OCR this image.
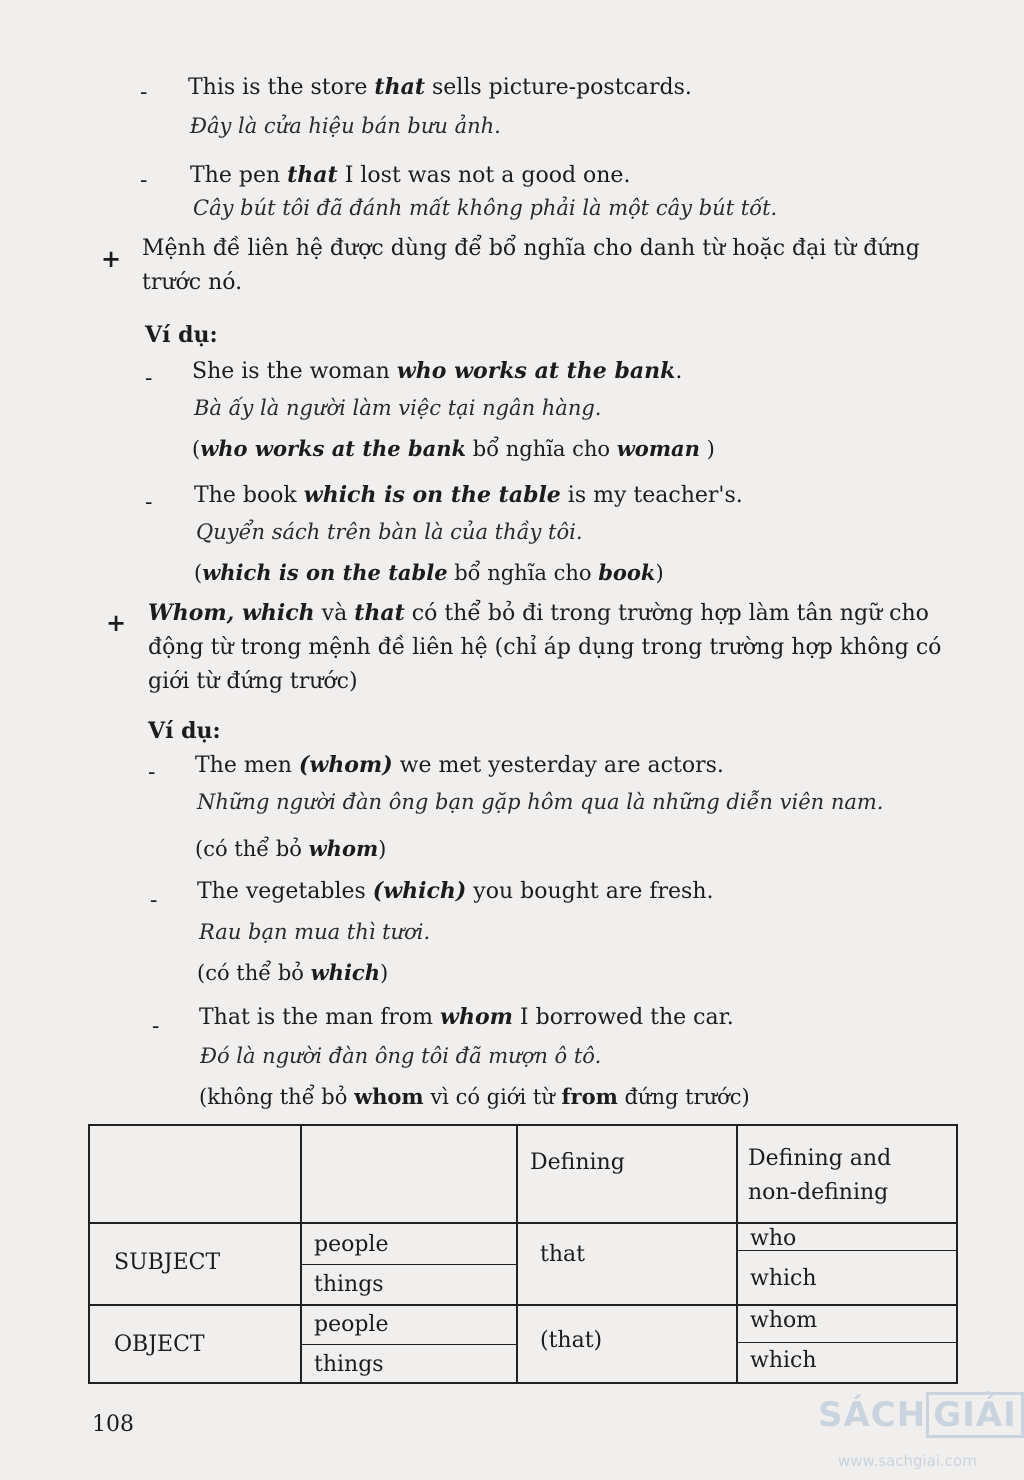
- This is the store that sells picture-postcards.
Đây là cửa hiệu bán bưu ảnh.
- The pen that I lost was not a good one.
Cây bút tôi đã đánh mất không phải là một cây bút tốt.
+ Mệnh đề liên hệ được dùng để bổ nghĩa cho danh từ hoặc đại từ đứng trước nó.
Ví dụ:
- She is the woman who works at the bank.
Bà ấy là người làm việc tại ngân hàng.
(who works at the bank bổ nghĩa cho woman )
- The book which is on the table is my teacher's.
Quyển sách trên bàn là của thầy tôi.
(which is on the table bổ nghĩa cho book)
+ Whom, which và that có thể bỏ đi trong trường hợp làm tân ngữ cho động từ trong mệnh đề liên hệ (chỉ áp dụng trong trường hợp không có giới từ đứng trước)
Ví dụ:
- The men (whom) we met yesterday are actors.
Những người đàn ông bạn gặp hôm qua là những diễn viên nam.
(có thể bỏ whom)
- The vegetables (which) you bought are fresh.
Rau bạn mua thì tươi.
(có thể bỏ which)
- That is the man from whom I borrowed the car.
Đó là người đàn ông tôi đã mượn ô tô.
(không thể bỏ whom vì có giới từ from đứng trước)
Defining	Defining and
non-defining
SUBJECT
people
things
that
who
which
OBJECT
people
things
(that)
whom
which
108	SÁCH GIẢI
www.sachgiai.com
